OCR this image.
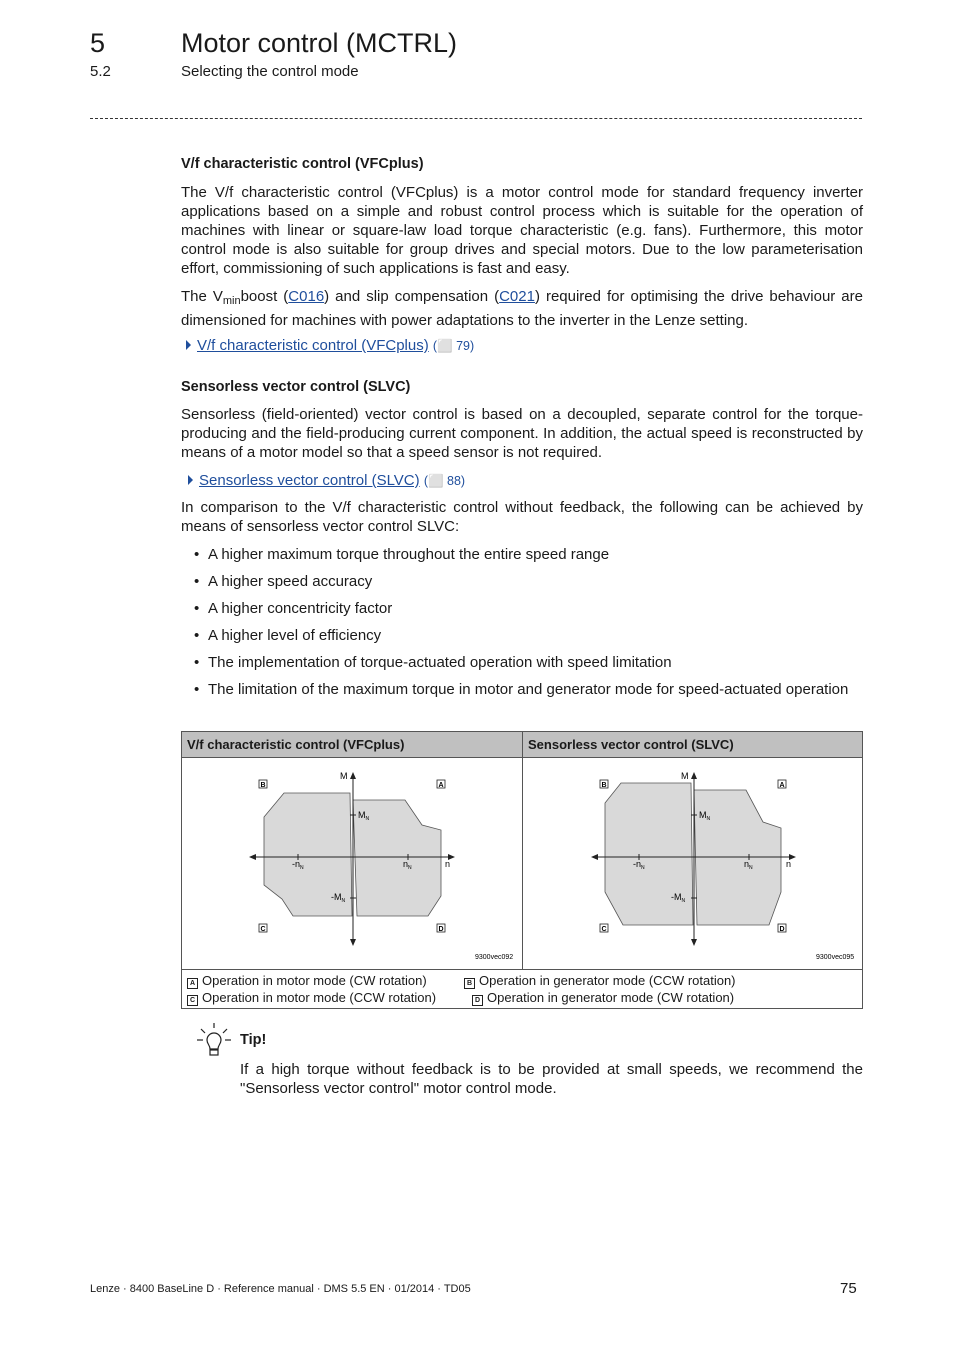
5	Motor control (MCTRL)
5.2	Selecting the control mode
V/f characteristic control (VFCplus)
The V/f characteristic control (VFCplus) is a motor control mode for standard frequency inverter applications based on a simple and robust control process which is suitable for the operation of machines with linear or square-law load torque characteristic (e.g. fans). Furthermore, this motor control mode is also suitable for group drives and special motors. Due to the low parameterisation effort, commissioning of such applications is fast and easy.
The $V_{min}boost$ (C016) and slip compensation (C021) required for optimising the drive behaviour are dimensioned for machines with power adaptations to the inverter in the Lenze setting.
V/f characteristic control (VFCplus) (⬜ 79)
Sensorless vector control (SLVC)
Sensorless (field-oriented) vector control is based on a decoupled, separate control for the torque-producing and the field-producing current component. In addition, the actual speed is reconstructed by means of a motor model so that a speed sensor is not required.
Sensorless vector control (SLVC) (⬜ 88)
In comparison to the V/f characteristic control without feedback, the following can be achieved by means of sensorless vector control SLVC:
• A higher maximum torque throughout the entire speed range
• A higher speed accuracy
• A higher concentricity factor
• A higher level of efficiency
• The implementation of torque-actuated operation with speed limitation
• The limitation of the maximum torque in motor and generator mode for speed-actuated operation
V/f characteristic control (VFCplus)	Sensorless vector control (SLVC)
M
n
$M_N$
$-M_N$
$n_N$
$-n_N$
B	A
C	D
9300vec092
M
n
$M_N$
$-M_N$
$n_N$
$-n_N$
B	A
C	D
9300vec095
A Operation in motor mode (CW rotation)	B Operation in generator mode (CCW rotation)
C Operation in motor mode (CCW rotation)	D Operation in generator mode (CW rotation)
Tip!
If a high torque without feedback is to be provided at small speeds, we recommend the "Sensorless vector control" motor control mode.
Lenze · 8400 BaseLine D · Reference manual · DMS 5.5 EN · 01/2014 · TD05	75
